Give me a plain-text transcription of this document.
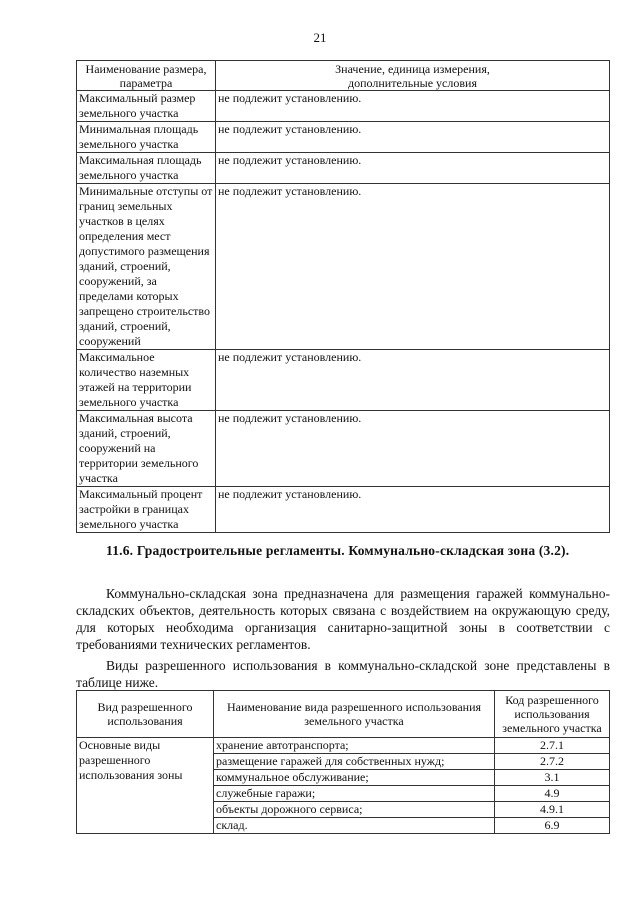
21
Наименование размера, параметра	Значение, единица измерения,
дополнительные условия
Максимальный размер земельного участка	не подлежит установлению.
Минимальная площадь земельного участка	не подлежит установлению.
Максимальная площадь земельного участка	не подлежит установлению.
Минимальные отступы от границ земельных участков в целях определения мест допустимого размещения зданий, строений, сооружений, за пределами которых запрещено строительство зданий, строений, сооружений	не подлежит установлению.
Максимальное количество наземных этажей на территории земельного участка	не подлежит установлению.
Максимальная высота зданий, строений, сооружений на территории земельного участка	не подлежит установлению.
Максимальный процент застройки в границах земельного участка	не подлежит установлению.
11.6. Градостроительные регламенты. Коммунально-складская зона (3.2).
Коммунально-складская зона предназначена для размещения гаражей коммунально-складских объектов, деятельность которых связана с воздействием на окружающую среду, для которых необходима организация санитарно-защитной зоны в соответствии с требованиями технических регламентов.
Виды разрешенного использования в коммунально-складской зоне представлены в таблице ниже.
Вид разрешенного использования	Наименование вида разрешенного использования земельного участка	Код разрешенного использования земельного участка
Основные виды разрешенного использования зоны	хранение автотранспорта;	2.7.1
	размещение гаражей для собственных нужд;	2.7.2
	коммунальное обслуживание;	3.1
	служебные гаражи;	4.9
	объекты дорожного сервиса;	4.9.1
	склад.	6.9
